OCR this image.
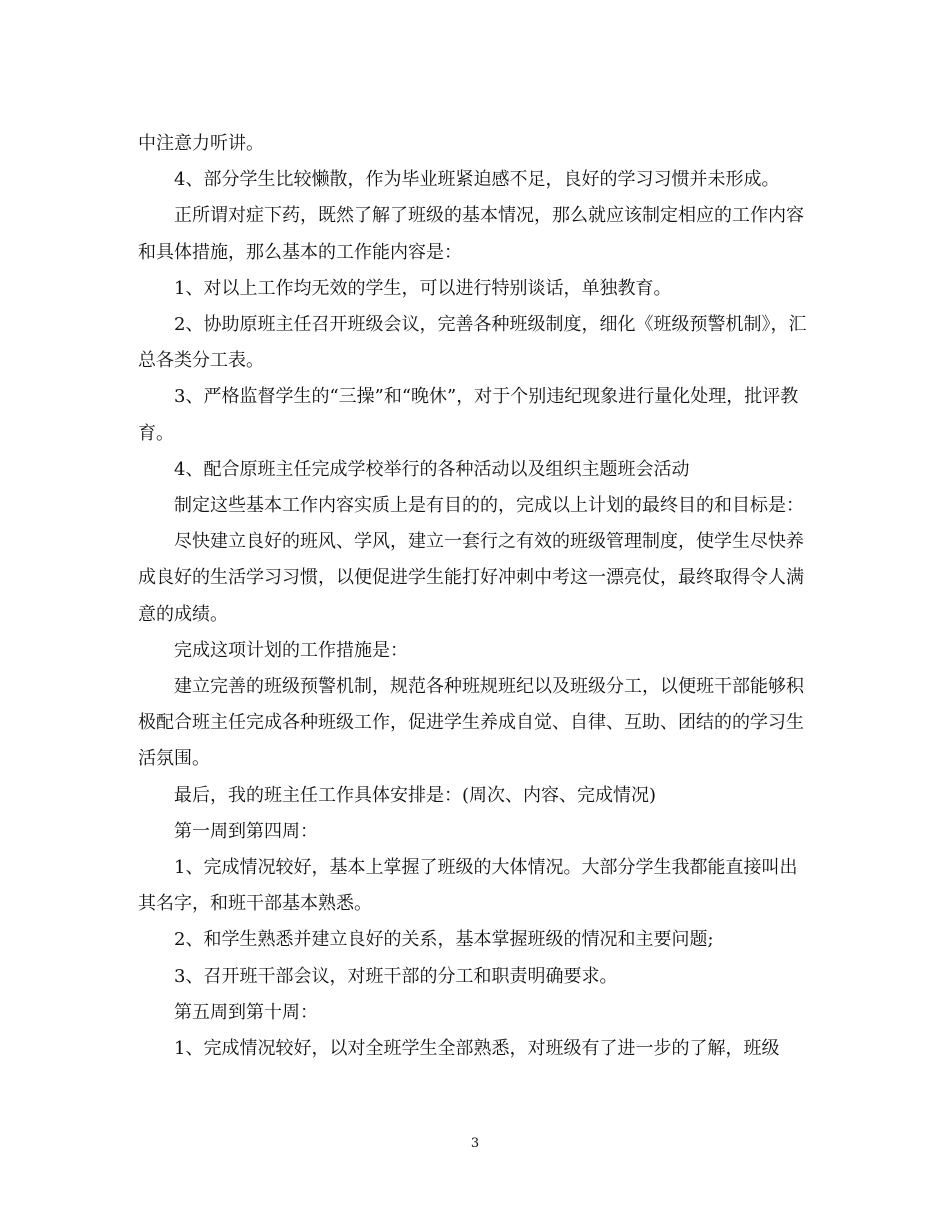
中注意力听讲。

4、部分学生比较懒散，作为毕业班紧迫感不足，良好的学习习惯并未形成。

正所谓对症下药，既然了解了班级的基本情况，那么就应该制定相应的工作内容和具体措施，那么基本的工作能内容是：

1、对以上工作均无效的学生，可以进行特别谈话，单独教育。

2、协助原班主任召开班级会议，完善各种班级制度，细化《班级预警机制》，汇总各类分工表。

3、严格监督学生的“三操”和“晚休”，对于个别违纪现象进行量化处理，批评教育。

4、配合原班主任完成学校举行的各种活动以及组织主题班会活动

制定这些基本工作内容实质上是有目的的，完成以上计划的最终目的和目标是：

尽快建立良好的班风、学风，建立一套行之有效的班级管理制度，使学生尽快养成良好的生活学习习惯，以便促进学生能打好冲刺中考这一漂亮仗，最终取得令人满意的成绩。

完成这项计划的工作措施是：

建立完善的班级预警机制，规范各种班规班纪以及班级分工，以便班干部能够积极配合班主任完成各种班级工作，促进学生养成自觉、自律、互助、团结的的学习生活氛围。

最后，我的班主任工作具体安排是：(周次、内容、完成情况)

第一周到第四周：

1、完成情况较好，基本上掌握了班级的大体情况。大部分学生我都能直接叫出其名字，和班干部基本熟悉。

2、和学生熟悉并建立良好的关系，基本掌握班级的情况和主要问题;

3、召开班干部会议，对班干部的分工和职责明确要求。

第五周到第十周：

1、完成情况较好，以对全班学生全部熟悉，对班级有了进一步的了解，班级

3
